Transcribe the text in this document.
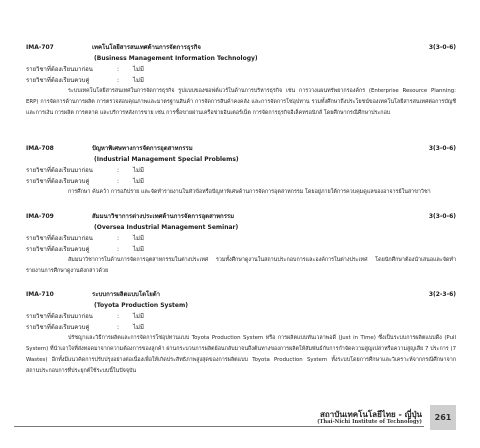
IMA-707	เทคโนโลยีสารสนเทศด้านการจัดการธุรกิจ	3(3-0-6)
(Business Management Information Technology)
รายวิชาที่ต้องเรียนมาก่อน	: ไม่มี
รายวิชาที่ต้องเรียนควบคู่	: ไม่มี

ระบบเทคโนโลยีสารสนเทศในการจัดการธุรกิจ รูปแบบของซอฟต์แวร์ในด้านการบริหารธุรกิจ เช่น การวางแผนทรัพยากรองค์กร (Enterprise Resource Planning: ERP) การจัดการด้านการผลิต การตรวจสอบคุณภาพและมาตรฐานสินค้า การจัดการสินค้าคงคลัง และการจัดการโซ่อุปทาน รวมทั้งศึกษาถึงประโยชน์ของเทคโนโลยีสารสนเทศต่อการบัญชีและการเงิน การผลิต การตลาด และบริการหลังการขาย เช่น การซื้อขายผ่านเครือข่ายอินเตอร์เน็ต การจัดการธุรกิจอีเล็คทรอนิกส์ โดยศึกษากรณีศึกษาประกอบ

IMA-708	ปัญหาพิเศษทางการจัดการอุตสาหกรรม	3(3-0-6)
(Industrial Management Special Problems)
รายวิชาที่ต้องเรียนมาก่อน	: ไม่มี
รายวิชาที่ต้องเรียนควบคู่	: ไม่มี

การศึกษา ค้นคว้า การอภิปราย และจัดทำรายงานในหัวข้อหรือปัญหาพิเศษด้านการจัดการอุตสาหกรรม โดยอยู่ภายใต้การควบคุมดูแลของอาจารย์ในสาขาวิชา

IMA-709	สัมมนาวิชาการต่างประเทศด้านการจัดการอุตสาหกรรม	3(3-0-6)
(Oversea Industrial Management Seminar)
รายวิชาที่ต้องเรียนมาก่อน	: ไม่มี
รายวิชาที่ต้องเรียนควบคู่	: ไม่มี

สัมมนาวิชาการในด้านการจัดการอุตสาหกรรมในต่างประเทศ รวมทั้งศึกษาดูงานในสถานประกอบการและองค์การในต่างประเทศ โดยนักศึกษาต้องนำเสนอและจัดทำรายงานการศึกษาดูงานดังกล่าวด้วย

IMA-710	ระบบการผลิตแบบโตโยต้า	3(2-3-6)
(Toyota Production System)
รายวิชาที่ต้องเรียนมาก่อน	: ไม่มี
รายวิชาที่ต้องเรียนควบคู่	: ไม่มี

ปรัชญาและวิธีการผลิตและการจัดการโซ่อุปทานแบบ Toyota Production System หรือ การผลิตแบบทันเวลาพอดี (Just in Time) ซึ่งเป็นระบบการผลิตแบบดึง (Pull System) ที่นำเอาใจที่ส่งทอดมาจากความต้องการของลูกค้า ผ่านกระบวนการผลิตย้อนกลับมาจนถึงต้นทางของการผลิตให้สัมพันธ์กับการกำจัดความสูญเปล่าหรือความสูญเสีย 7 ประการ (7 Wastes) อีกทั้งมีแนวคิดการปรับปรุงอย่างต่อเนื่องเพื่อให้เกิดประสิทธิภาพสูงสุดของการผลิตแบบ Toyota Production System ทั้งระบบโดยการศึกษาและวิเคราะห์จากกรณีศึกษาจากสถานประกอบการที่ประยุกต์ใช้ระบบนี้ในปัจจุบัน

สถาบันเทคโนโลยีไทย - ญี่ปุ่น
(Thai-Nichi Institute of Technology)	261
